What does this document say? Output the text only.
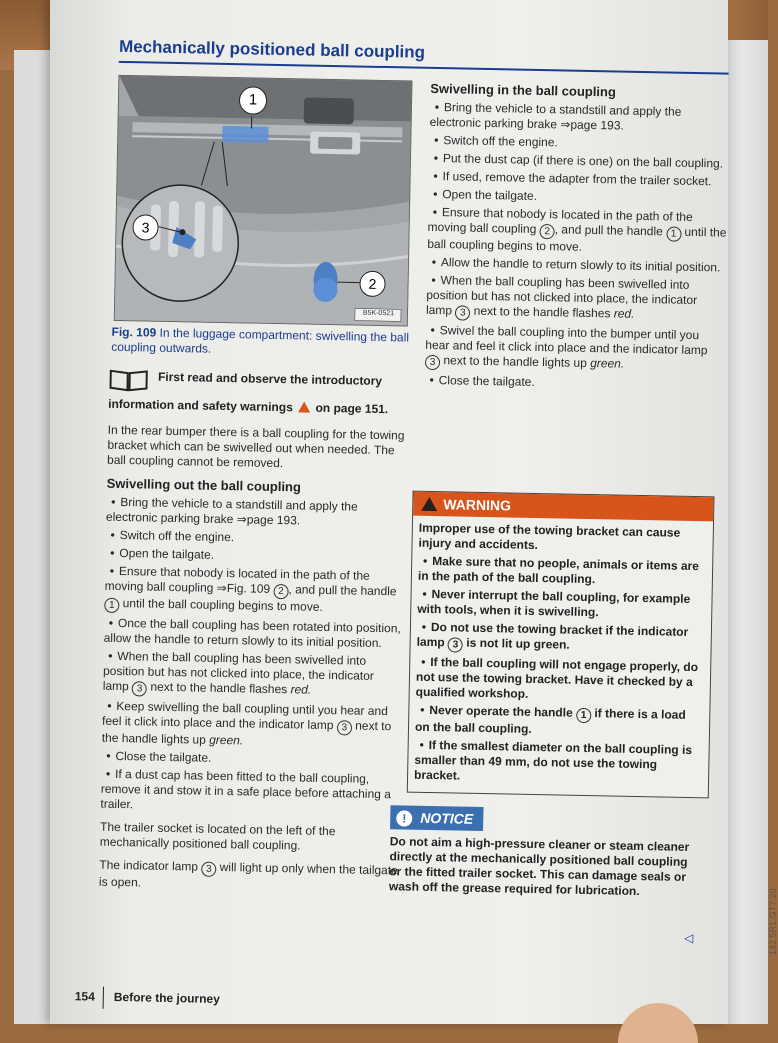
Mechanically positioned ball coupling
1
2
3
B5K-0521
Fig. 109 In the luggage compartment: swivelling the ball coupling outwards.
First read and observe the introductory information and safety warnings on page 151.

In the rear bumper there is a ball coupling for the towing bracket which can be swivelled out when needed. The ball coupling cannot be removed.

Swivelling out the ball coupling
• Bring the vehicle to a standstill and apply the electronic parking brake ⇒page 193.
• Switch off the engine.
• Open the tailgate.
• Ensure that nobody is located in the path of the moving ball coupling ⇒Fig. 109 2 , and pull the handle 1 until the ball coupling begins to move.
• Once the ball coupling has been rotated into position, allow the handle to return slowly to its initial position.
• When the ball coupling has been swivelled into position but has not clicked into place, the indicator lamp 3 next to the handle flashes red.
• Keep swivelling the ball coupling until you hear and feel it click into place and the indicator lamp 3 next to the handle lights up green.
• Close the tailgate.
• If a dust cap has been fitted to the ball coupling, remove it and stow it in a safe place before attaching a trailer.

The trailer socket is located on the left of the mechanically positioned ball coupling.

The indicator lamp 3 will light up only when the tailgate is open.

Swivelling in the ball coupling
• Bring the vehicle to a standstill and apply the electronic parking brake ⇒page 193.
• Switch off the engine.
• Put the dust cap (if there is one) on the ball coupling.
• If used, remove the adapter from the trailer socket.
• Open the tailgate.
• Ensure that nobody is located in the path of the moving ball coupling 2 , and pull the handle 1 until the ball coupling begins to move.
• Allow the handle to return slowly to its initial position.
• When the ball coupling has been swivelled into position but has not clicked into place, the indicator lamp 3 next to the handle flashes red.
• Swivel the ball coupling into the bumper until you hear and feel it click into place and the indicator lamp 3 next to the handle lights up green.
• Close the tailgate.
WARNING

Improper use of the towing bracket can cause injury and accidents.

• Make sure that no people, animals or items are in the path of the ball coupling.

• Never interrupt the ball coupling, for example with tools, when it is swivelling.

• Do not use the towing bracket if the indicator lamp 3 is not lit up green.

• If the ball coupling will not engage properly, do not use the towing bracket. Have it checked by a qualified workshop.

• Never operate the handle 1 if there is a load on the ball coupling.

• If the smallest diameter on the ball coupling is smaller than 49 mm, do not use the towing bracket.

! NOTICE
Do not aim a high-pressure cleaner or steam cleaner directly at the mechanically positioned ball coupling or the fitted trailer socket. This can damage seals or wash off the grease required for lubrication.
◁
154 Before the journey
142.5R1.GT7.20
